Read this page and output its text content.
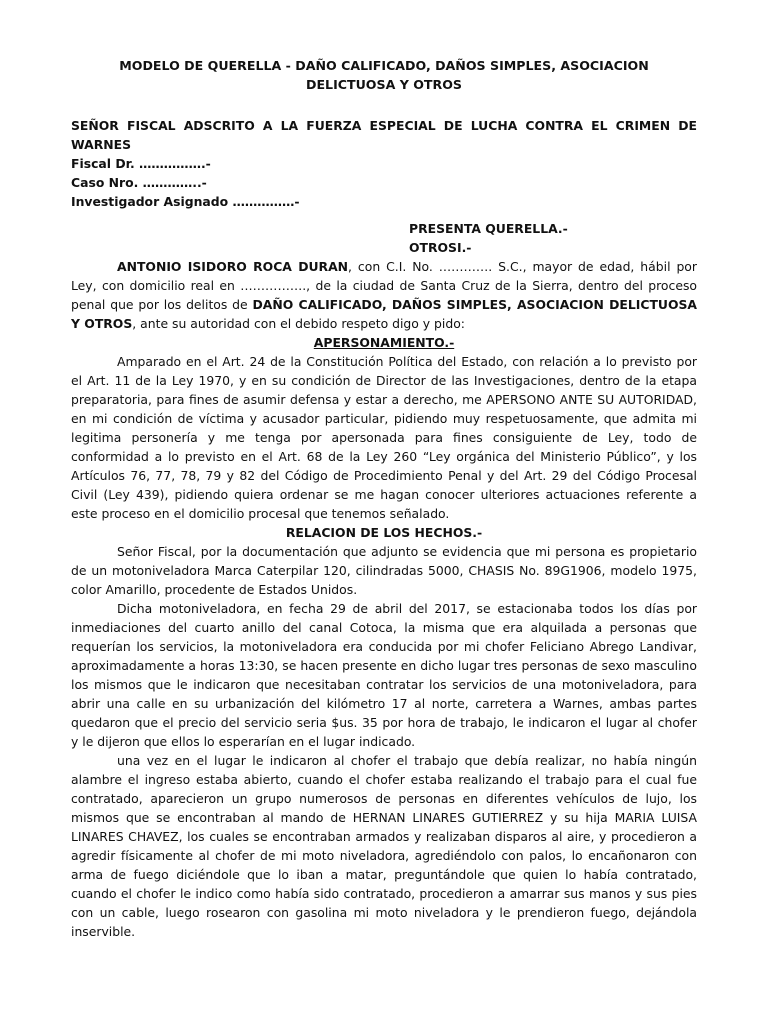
MODELO DE QUERELLA - DAÑO CALIFICADO, DAÑOS SIMPLES, ASOCIACION

DELICTUOSA Y OTROS

SEÑOR FISCAL ADSCRITO A LA FUERZA ESPECIAL DE LUCHA CONTRA EL CRIMEN DE WARNES

Fiscal Dr. …………….-

Caso Nro. …………..-

Investigador Asignado ……………-

PRESENTA QUERELLA.-

OTROSI.-

ANTONIO ISIDORO ROCA DURAN, con C.I. No. …………. S.C., mayor de edad, hábil por Ley, con domicilio real en ……………., de la ciudad de Santa Cruz de la Sierra, dentro del proceso penal que por los delitos de DAÑO CALIFICADO, DAÑOS SIMPLES, ASOCIACION DELICTUOSA Y OTROS, ante su autoridad con el debido respeto digo y pido:

APERSONAMIENTO.-

Amparado en el Art. 24 de la Constitución Política del Estado, con relación a lo previsto por el Art. 11 de la Ley 1970, y en su condición de Director de las Investigaciones, dentro de la etapa preparatoria, para fines de asumir defensa y estar a derecho, me APERSONO ANTE SU AUTORIDAD, en mi condición de víctima y acusador particular, pidiendo muy respetuosamente, que admita mi legitima personería y me tenga por apersonada para fines consiguiente de Ley, todo de conformidad a lo previsto en el Art. 68 de la Ley 260 “Ley orgánica del Ministerio Público”, y los Artículos 76, 77, 78, 79 y 82 del Código de Procedimiento Penal y del Art. 29 del Código Procesal Civil (Ley 439), pidiendo quiera ordenar se me hagan conocer ulteriores actuaciones referente a este proceso en el domicilio procesal que tenemos señalado.

RELACION DE LOS HECHOS.-

Señor Fiscal, por la documentación que adjunto se evidencia que mi persona es propietario de un motoniveladora Marca Caterpilar 120, cilindradas 5000, CHASIS No. 89G1906, modelo 1975, color Amarillo, procedente de Estados Unidos.

Dicha motoniveladora, en fecha 29 de abril del 2017, se estacionaba todos los días por inmediaciones del cuarto anillo del canal Cotoca, la misma que era alquilada a personas que requerían los servicios, la motoniveladora era conducida por mi chofer Feliciano Abrego Landivar, aproximadamente a horas 13:30, se hacen presente en dicho lugar tres personas de sexo masculino los mismos que le indicaron que necesitaban contratar los servicios de una motoniveladora, para abrir una calle en su urbanización del kilómetro 17 al norte, carretera a Warnes, ambas partes quedaron que el precio del servicio seria $us. 35 por hora de trabajo, le indicaron el lugar al chofer y le dijeron que ellos lo esperarían en el lugar indicado.

una vez en el lugar le indicaron al chofer el trabajo que debía realizar, no había ningún alambre el ingreso estaba abierto, cuando el chofer estaba realizando el trabajo para el cual fue contratado, aparecieron un grupo numerosos de personas en diferentes vehículos de lujo, los mismos que se encontraban al mando de HERNAN LINARES GUTIERREZ y su hija MARIA LUISA LINARES CHAVEZ, los cuales se encontraban armados y realizaban disparos al aire, y procedieron a agredir físicamente al chofer de mi moto niveladora, agrediéndolo con palos, lo encañonaron con arma de fuego diciéndole que lo iban a matar, preguntándole que quien lo había contratado, cuando el chofer le indico como había sido contratado, procedieron a amarrar sus manos y sus pies con un cable, luego rosearon con gasolina mi moto niveladora y le prendieron fuego, dejándola inservible.
